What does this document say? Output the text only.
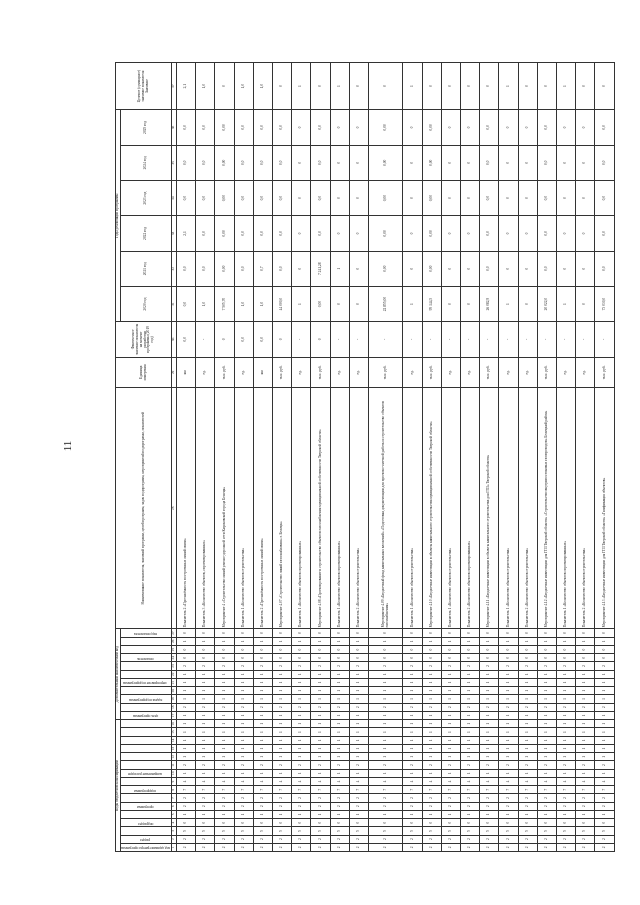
11
Коды бюджетной классификации																Дополнительный аналитический код											Наименование показателя, значений программ, целей программ, задач подпрограмм, мероприятий подпрограмм, показателей	Единица измерения	Фактическое значение показателя на момент разработки программы (2019 год)	Годы реализации программы						Целевое (суммарное) значение показателя
Значение
код администратора программы	раздел		подраздел		программа		подпрограмма		направление расходов							цель программы		задача подпрограммы		мероприятие подпрограммы			показатель			вид показателя				2020 год	2021 год	2022 год	2023 год	2024 год	2025 год	
1	2	3	4	5	6	7	8	9	10	11	12	13	14	15	16	17	18	19	20	21	22	23	24	25	26	27	28	29	30	31	32	33	34	35	36	37
2	2	5	0	1	2	2	7	4	1	2	1	1	1	1	1	1	2	1	1	1	1	2	0	0	1	0	Показатель 2 «Протяжённость построенных линий связи»	км	0,0	0,0	0,0	2,1	0,0	0,0	0,0	2,1
2	2	5	0	1	2	2	7	4	1	2	1	1	1	1	1	1	2	1	1	1	1	2	0	0	1	0	Показатель 3 «Количество объектов, спроектированных»	ед.	-	1,0	0,0	0,0	0,0	0,0	0,0	1,0
2	2	5	0	1	2	2	7	4	1	2	1	1	1	1	1	1	2	1	1	1	1	2	0	0	1	0	Мероприятие 4 «Строительство линий улично-дорожной сети Кирсковской города Бежецк»	тыс. руб.	0	7 505,70	0,00	0,00	0,00	0,00	0,00	0
2	2	5	0	1	2	2	7	4	1	2	1	1	1	1	1	1	2	1	1	1	1	2	0	0	1	0	Показатель 1 «Количество объектов строительства»	ед.	0,0	1,0	0,0	0,0	0,0	0,0	0,0	1,0
2	2	5	0	1	2	2	7	4	1	2	1	1	1	1	1	1	2	1	1	1	1	2	0	0	1	0	Показатель 2 «Протяжённость построенных линий связи»	км	0,0	1,0	0,7	0,0	0,0	0,0	0,0	1,0
2	2	5	0	1	2	2	7	4	1	2	1	1	1	1	1	1	2	1	1	1	1	2	0	0	1	0	Мероприятие 4.07 «Строительство линий газоснабжения» г. Бежецк»	тыс. руб.	0	44 000,0	0,0	0,0	0,0	0,0	0,0	0
2	2	5	0	1	2	2	7	4	1	2	1	1	1	1	1	1	2	1	1	1	1	2	0	0	1	0	Показатель 1 «Количество объектов спроектированных»	ед.	-	1	0	0	0	0	0	1
2	2	5	0	1	2	2	7	4	1	2	1	1	1	1	1	1	2	1	1	1	1	2	0	0	1	0	Мероприятие 4.08 «Проектирование и строительство объектов газоснабжения муниципальной собственности Тверской области»	тыс. руб.	0	0,00	7 241,28	0,0	0,0	0,0	0,0	0
2	2	5	0	1	2	2	7	4	1	2	1	1	1	1	1	1	2	1	1	1	1	2	0	0	1	0	Показатель 1 «Количество объектов спроектированных»	ед.	-	0	1	0	0	0	0	1
2	2	5	0	1	2	2	7	4	1	2	1	1	1	1	1	1	2	1	1	1	1	2	0	0	1	0	Показатель 2 «Количество объектов строительства»	ед.	-	0	0	0	0	0	0	0
2	2	5	0	1	2	2	7	4	1	2	1	1	1	1	1	1	2	1	1	1	1	2	0	0	1	0	Мероприятие 4.09 «Бюджетный фонд капитальных вложений» «Подготовка документации для проектно-сметной работы и строительство объектов газоснабжения»	тыс. руб.	-	22 855,00	0,00	0,00	0,00	0,00	0,00	0
2	2	5	0	1	2	2	7	4	1	2	1	1	1	1	1	1	2	1	1	1	1	2	0	0	1	0	Показатель 1 «Количество объектов строительства»	ед.	-	1	0	0	0	0	0	1
2	2	5	0	1	2	2	7	4	1	2	1	1	1	1	1	1	2	1	1	1	1	2	0	0	1	0	Мероприятие 4.10 «Бюджетные инвестиции в объекты капитального строительства муниципальной собственности Тверской области»	тыс. руб.	-	95 144,5	0,00	0,00	0,00	0,00	0,00	0
2	2	5	0	1	2	2	7	4	1	2	1	1	1	1	1	1	2	1	1	1	1	2	0	0	1	0	Показатель 1 «Количество объектов строительства»	ед.	-	0	0	0	0	0	0	0
2	2	5	0	1	2	2	7	4	1	2	1	1	1	1	1	1	2	1	1	1	1	2	0	0	1	0	Показатель 2 «Количество объектов спроектированных»	ед.	-	0	0	0	0	0	0	0
2	2	5	0	1	2	2	7	4	1	2	1	1	1	1	1	1	2	1	1	1	1	2	0	0	1	0	Мероприятие 4.11 «Бюджетные инвестиции в объекты капитального строительства для ГПЗ» Тверской области»	тыс. руб.	-	26 082,9	0,0	0,0	0,0	0,0	0,0	0
2	2	5	0	1	2	2	7	4	1	2	1	1	1	1	1	1	2	1	1	1	1	2	0	0	1	0	Показатель 1 «Количество объектов строительства»	ед.	-	1	0	0	0	0	0	1
2	2	5	0	1	2	2	7	4	1	2	1	1	1	1	1	1	2	1	1	1	1	2	0	0	1	0	Показатель 2 «Количество объектов строительства»	ед.	-	0	0	0	0	0	0	0
2	2	5	0	1	2	2	7	4	1	2	1	1	1	1	1	1	2	1	1	1	1	2	0	0	1	0	Мероприятие 4.12 «Бюджетные инвестиции для ГПЗ Тверской области» «Строительство внутрипоселковых газопроводов» Бежецкий район»	тыс. руб.	-	20 022,0	0,0	0,0	0,0	0,0	0,0	0
2	2	5	0	1	2	2	7	4	1	2	1	1	1	1	1	1	2	1	1	1	1	2	0	0	1	0	Показатель 1 «Количество объектов спроектированных»	ед.	-	1	0	0	0	0	0	1
2	2	5	0	1	2	2	7	4	1	2	1	1	1	1	1	1	2	1	1	1	1	2	0	0	1	0	Показатель 2 «Количество объектов строительства»	ед.	-	0	0	0	0	0	0	0
2	2	5	0	1	2	2	7	4	1	2	1	1	1	1	1	1	2	1	1	1	1	2	0	0	1	0	Мероприятие 4.13 «Бюджетные инвестиции для ГПЗ Тверской области» «Газификация объектов»	тыс. руб.	-	73 030,0	0,0	0,0	0,0	0,0	0,0	0
